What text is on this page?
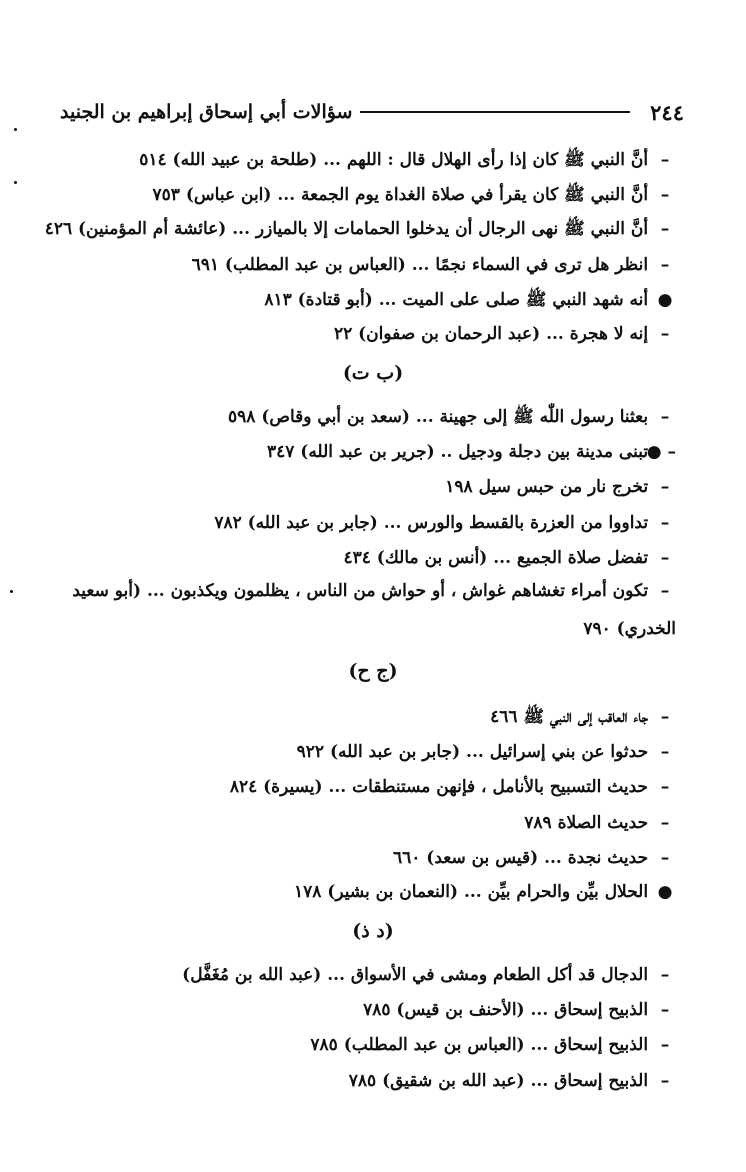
٢٤٤
سؤالات أبي إسحاق إبراهيم بن الجنيد
– أنَّ النبي ﷺ كان إذا رأى الهلال قال : اللهم ... (طلحة بن عبيد الله) ٥١٤
– أنَّ النبي ﷺ كان يقرأ في صلاة الغداة يوم الجمعة ... (ابن عباس) ٧٥٣
– أنَّ النبي ﷺ نهى الرجال أن يدخلوا الحمامات إلا بالميازر ... (عائشة أم المؤمنين) ٤٢٦
– انظر هل ترى في السماء نجمًا ... (العباس بن عبد المطلب) ٦٩١
● أنه شهد النبي ﷺ صلى على الميت ... (أبو قتادة) ٨١٣
– إنه لا هجرة ... (عبد الرحمان بن صفوان) ٢٢
(ب ت)
– بعثنا رسول اللّٰه ﷺ إلى جهينة ... (سعد بن أبي وقاص) ٥٩٨
– ● تبنى مدينة بين دجلة ودجيل .. (جرير بن عبد الله) ٣٤٧
– تخرج نار من حبس سيل ١٩٨
– تداووا من العزرة بالقسط والورس ... (جابر بن عبد الله) ٧٨٢
– تفضل صلاة الجميع ... (أنس بن مالك) ٤٣٤
– تكون أمراء تغشاهم غواش ، أو حواش من الناس ، يظلمون ويكذبون ... (أبو سعيد الخدري) ٧٩٠
(ج ح)
– جاء العاقب إلى النبي ﷺ ٤٦٦
– حدثوا عن بني إسرائيل ... (جابر بن عبد الله) ٩٢٢
– حديث التسبيح بالأنامل ، فإنهن مستنطقات ... (يسيرة) ٨٢٤
– حديث الصلاة ٧٨٩
– حديث نجدة ... (قيس بن سعد) ٦٦٠
● الحلال بيِّن والحرام بيِّن ... (النعمان بن بشير) ١٧٨
(د ذ)
– الدجال قد أكل الطعام ومشى في الأسواق ... (عبد الله بن مُغَفَّل)
– الذبيح إسحاق ... (الأحنف بن قيس) ٧٨٥
– الذبيح إسحاق ... (العباس بن عبد المطلب) ٧٨٥
– الذبيح إسحاق ... (عبد الله بن شقيق) ٧٨٥
